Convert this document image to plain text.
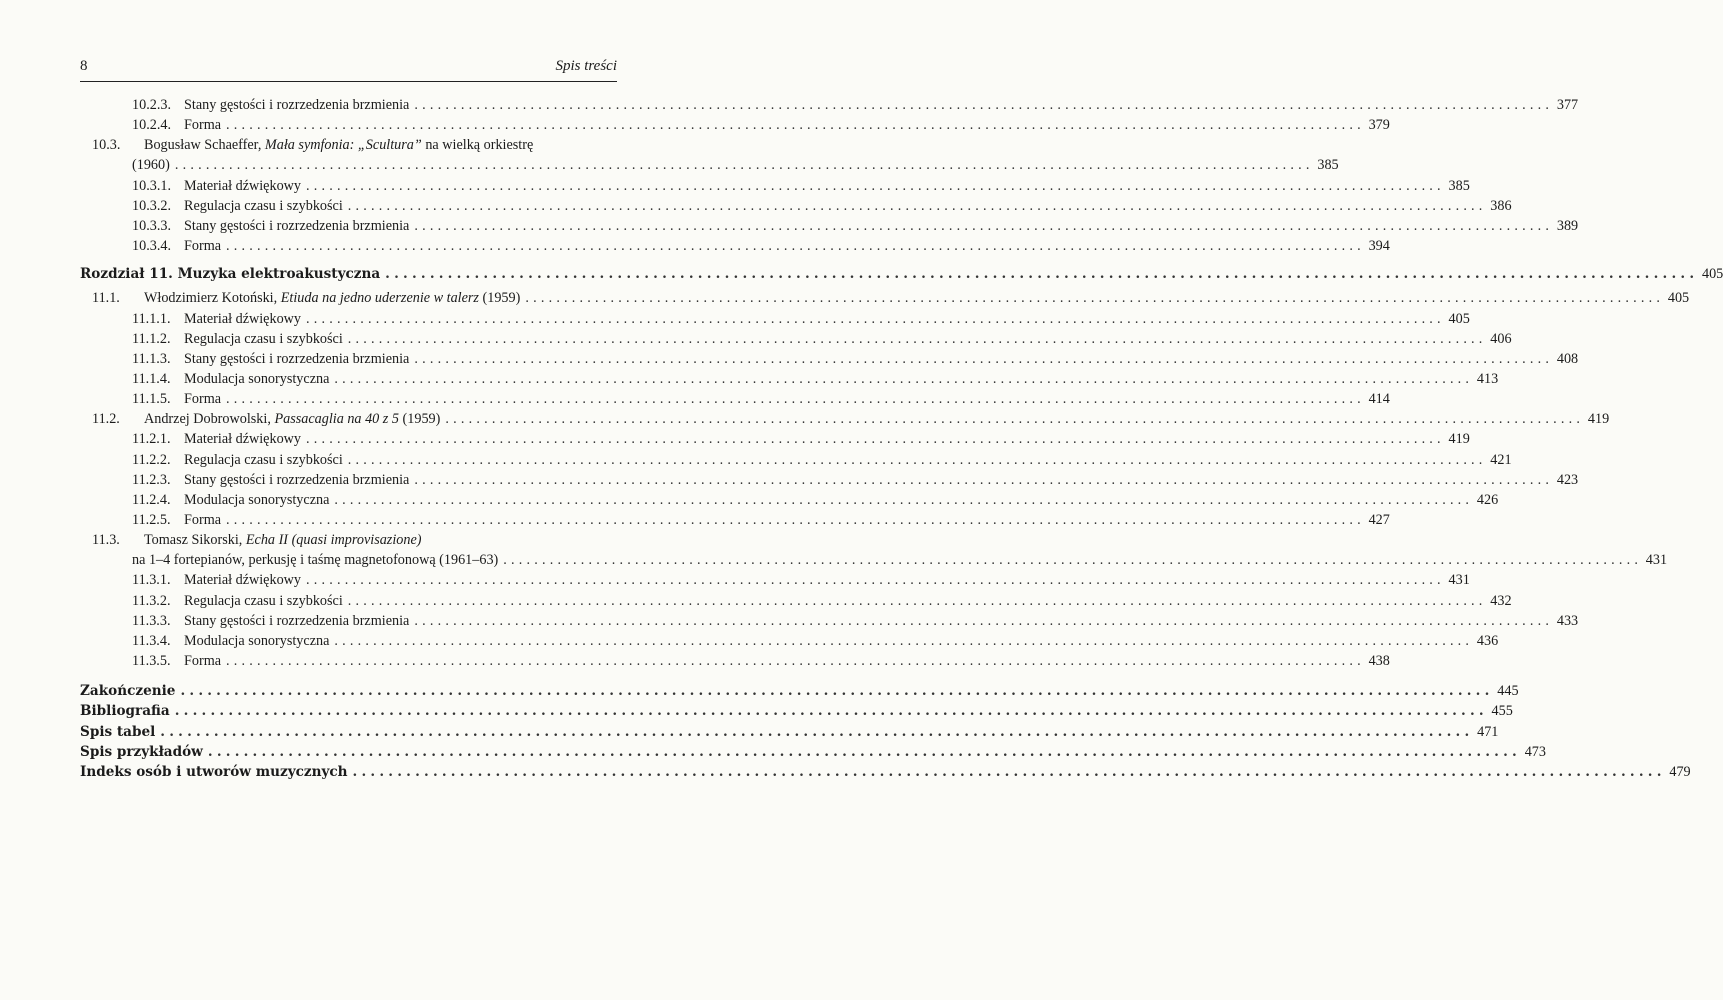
8	Spis treści
10.2.3. Stany gęstości i rozrzedzenia brzmienia .....	377
10.2.4. Forma .....	379
10.3.	Bogusław Schaeffer, Mała symfonia: „Scultura” na wielką orkiestrę
(1960) .....	385
10.3.1. Materiał dźwiękowy .....	385
10.3.2. Regulacja czasu i szybkości .....	386
10.3.3. Stany gęstości i rozrzedzenia brzmienia .....	389
10.3.4. Forma .....	394
Rozdział 11. Muzyka elektroakustyczna .....	405
11.1.	Włodzimierz Kotoński, Etiuda na jedno uderzenie w talerz (1959) .....	405
11.1.1. Materiał dźwiękowy .....	405
11.1.2. Regulacja czasu i szybkości .....	406
11.1.3. Stany gęstości i rozrzedzenia brzmienia .....	408
11.1.4. Modulacja sonorystyczna .....	413
11.1.5. Forma .....	414
11.2.	Andrzej Dobrowolski, Passacaglia na 40 z 5 (1959) .....	419
11.2.1. Materiał dźwiękowy .....	419
11.2.2. Regulacja czasu i szybkości .....	421
11.2.3. Stany gęstości i rozrzedzenia brzmienia .....	423
11.2.4. Modulacja sonorystyczna .....	426
11.2.5. Forma .....	427
11.3.	Tomasz Sikorski, Echa II (quasi improvisazione)
na 1–4 fortepianów, perkusję i taśmę magnetofonową (1961–63) .....	431
11.3.1. Materiał dźwiękowy .....	431
11.3.2. Regulacja czasu i szybkości .....	432
11.3.3. Stany gęstości i rozrzedzenia brzmienia .....	433
11.3.4. Modulacja sonorystyczna .....	436
11.3.5. Forma .....	438
Zakończenie .....	445
Bibliografia .....	455
Spis tabel .....	471
Spis przykładów .....	473
Indeks osób i utworów muzycznych .....	479
